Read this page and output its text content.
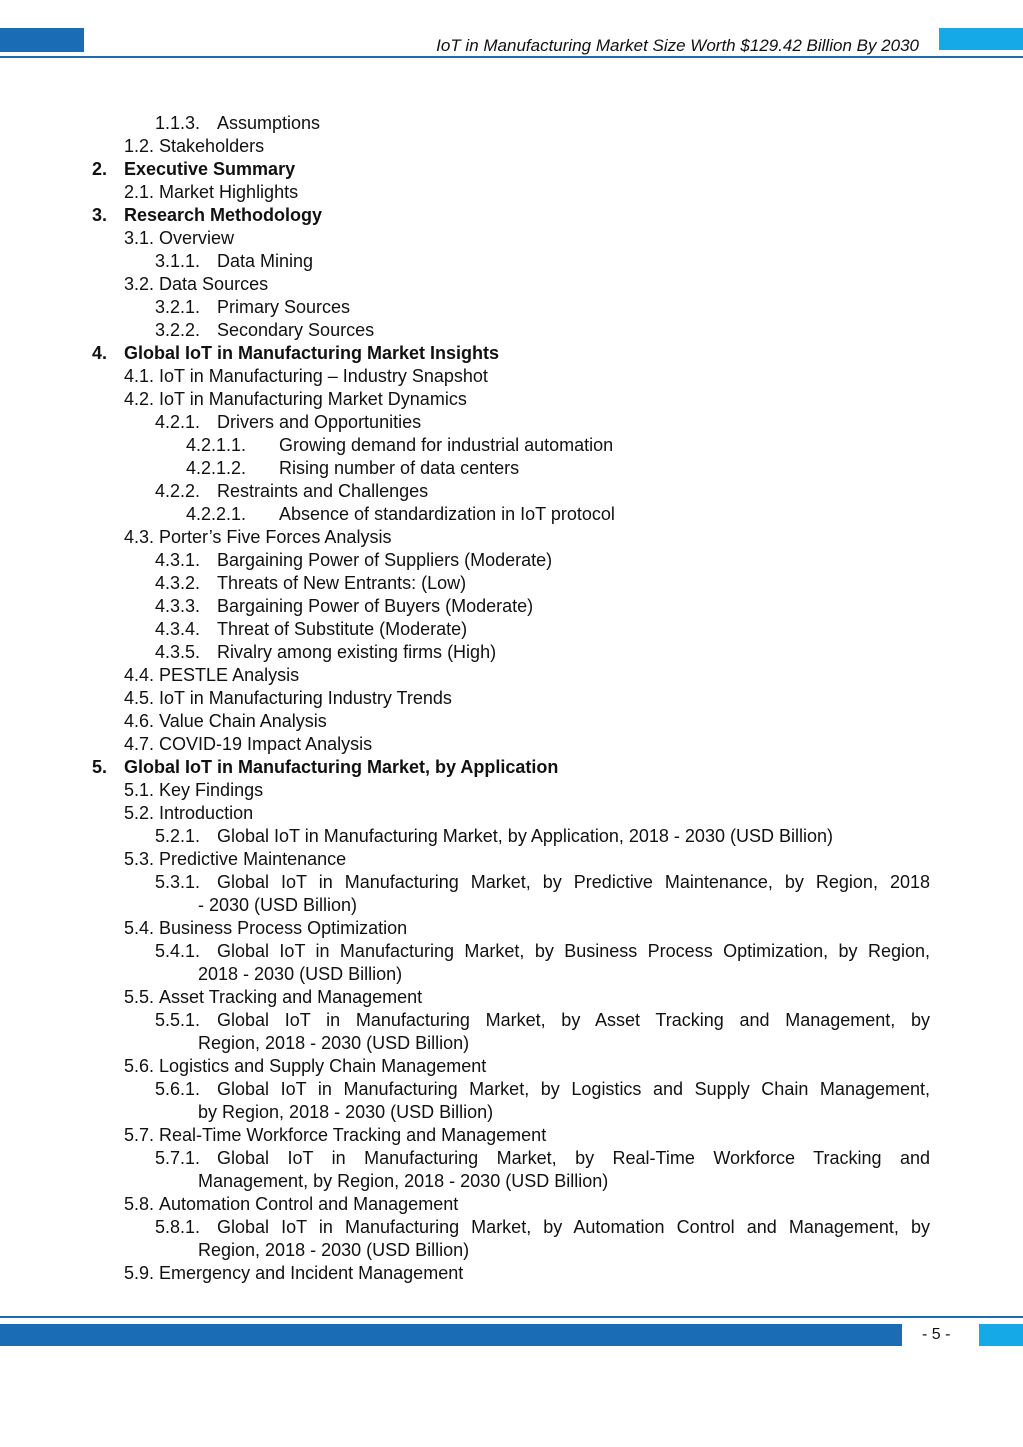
IoT in Manufacturing Market Size Worth $129.42 Billion By 2030
1.1.3. Assumptions
1.2. Stakeholders
2. Executive Summary
2.1. Market Highlights
3. Research Methodology
3.1. Overview
3.1.1. Data Mining
3.2. Data Sources
3.2.1. Primary Sources
3.2.2. Secondary Sources
4. Global IoT in Manufacturing Market Insights
4.1. IoT in Manufacturing – Industry Snapshot
4.2. IoT in Manufacturing Market Dynamics
4.2.1. Drivers and Opportunities
4.2.1.1. Growing demand for industrial automation
4.2.1.2. Rising number of data centers
4.2.2. Restraints and Challenges
4.2.2.1. Absence of standardization in IoT protocol
4.3. Porter’s Five Forces Analysis
4.3.1. Bargaining Power of Suppliers (Moderate)
4.3.2. Threats of New Entrants: (Low)
4.3.3. Bargaining Power of Buyers (Moderate)
4.3.4. Threat of Substitute (Moderate)
4.3.5. Rivalry among existing firms (High)
4.4. PESTLE Analysis
4.5. IoT in Manufacturing Industry Trends
4.6. Value Chain Analysis
4.7. COVID-19 Impact Analysis
5. Global IoT in Manufacturing Market, by Application
5.1. Key Findings
5.2. Introduction
5.2.1. Global IoT in Manufacturing Market, by Application, 2018 - 2030 (USD Billion)
5.3. Predictive Maintenance
5.3.1. Global IoT in Manufacturing Market, by Predictive Maintenance, by Region, 2018
- 2030 (USD Billion)
5.4. Business Process Optimization
5.4.1. Global IoT in Manufacturing Market, by Business Process Optimization, by Region,
2018 - 2030 (USD Billion)
5.5. Asset Tracking and Management
5.5.1. Global IoT in Manufacturing Market, by Asset Tracking and Management, by
Region, 2018 - 2030 (USD Billion)
5.6. Logistics and Supply Chain Management
5.6.1. Global IoT in Manufacturing Market, by Logistics and Supply Chain Management,
by Region, 2018 - 2030 (USD Billion)
5.7. Real-Time Workforce Tracking and Management
5.7.1. Global IoT in Manufacturing Market, by Real-Time Workforce Tracking and
Management, by Region, 2018 - 2030 (USD Billion)
5.8. Automation Control and Management
5.8.1. Global IoT in Manufacturing Market, by Automation Control and Management, by
Region, 2018 - 2030 (USD Billion)
5.9. Emergency and Incident Management
- 5 -
